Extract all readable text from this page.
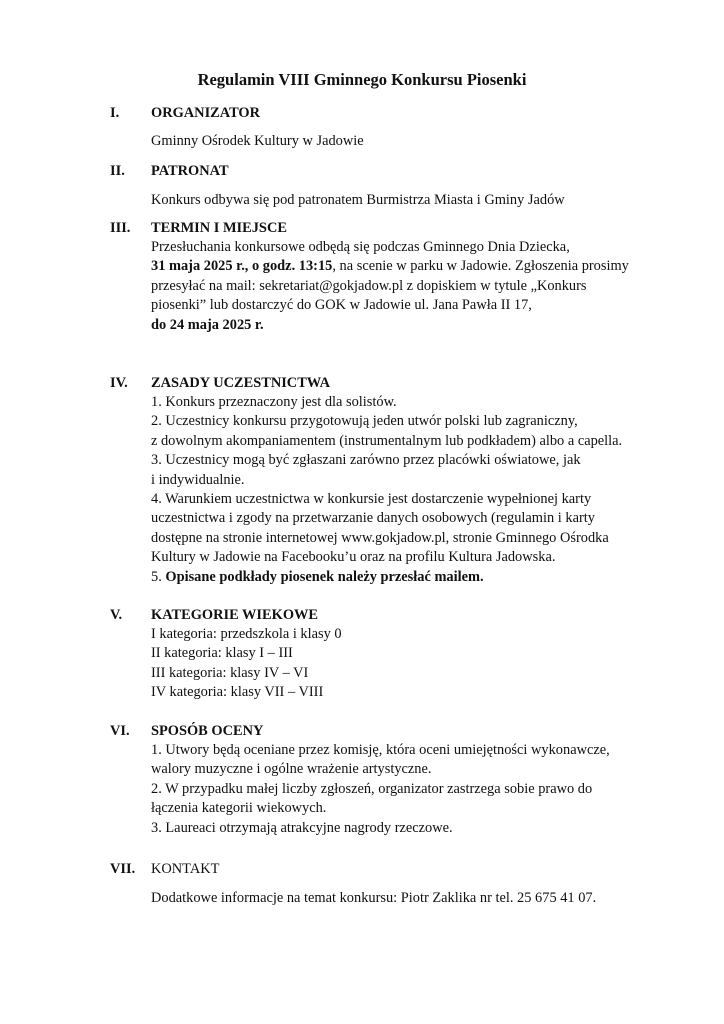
Regulamin VIII Gminnego Konkursu Piosenki
I. ORGANIZATOR
Gminny Ośrodek Kultury w Jadowie
II. PATRONAT
Konkurs odbywa się pod patronatem Burmistrza Miasta i Gminy Jadów
III. TERMIN I MIEJSCE
Przesłuchania konkursowe odbędą się podczas Gminnego Dnia Dziecka,
31 maja 2025 r., o godz. 13:15, na scenie w parku w Jadowie. Zgłoszenia prosimy
przesyłać na mail: sekretariat@gokjadow.pl z dopiskiem w tytule „Konkurs
piosenki” lub dostarczyć do GOK w Jadowie ul. Jana Pawła II 17,
do 24 maja 2025 r.
IV. ZASADY UCZESTNICTWA
1. Konkurs przeznaczony jest dla solistów.
2. Uczestnicy konkursu przygotowują jeden utwór polski lub zagraniczny,
z dowolnym akompaniamentem (instrumentalnym lub podkładem) albo a capella.
3. Uczestnicy mogą być zgłaszani zarówno przez placówki oświatowe, jak
i indywidualnie.
4. Warunkiem uczestnictwa w konkursie jest dostarczenie wypełnionej karty
uczestnictwa i zgody na przetwarzanie danych osobowych (regulamin i karty
dostępne na stronie internetowej www.gokjadow.pl, stronie Gminnego Ośrodka
Kultury w Jadowie na Facebooku’u oraz na profilu Kultura Jadowska.
5. Opisane podkłady piosenek należy przesłać mailem.
V. KATEGORIE WIEKOWE
I kategoria: przedszkola i klasy 0
II kategoria: klasy I – III
III kategoria: klasy IV – VI
IV kategoria: klasy VII – VIII
VI. SPOSÓB OCENY
1. Utwory będą oceniane przez komisję, która oceni umiejętności wykonawcze,
walory muzyczne i ogólne wrażenie artystyczne.
2. W przypadku małej liczby zgłoszeń, organizator zastrzega sobie prawo do
łączenia kategorii wiekowych.
3. Laureaci otrzymają atrakcyjne nagrody rzeczowe.
VII. KONTAKT
Dodatkowe informacje na temat konkursu: Piotr Zaklika nr tel. 25 675 41 07.
